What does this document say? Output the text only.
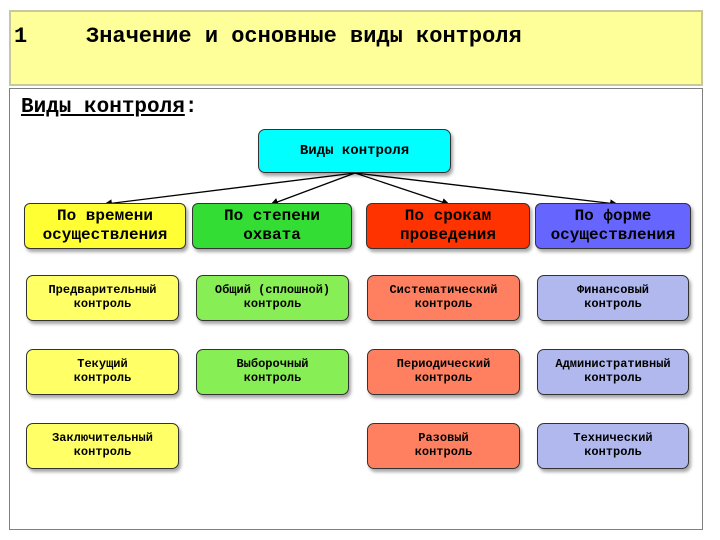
1	Значение и основные виды контроля
Виды контроля:
Виды контроля
По времени
осуществления
По степени
охвата
По срокам
проведения
По форме
осуществления
Предварительный
контроль
Текущий
контроль
Заключительный
контроль
Общий (сплошной)
контроль
Выборочный
контроль
Систематический
контроль
Периодический
контроль
Разовый
контроль
Финансовый
контроль
Административный
контроль
Технический
контроль
